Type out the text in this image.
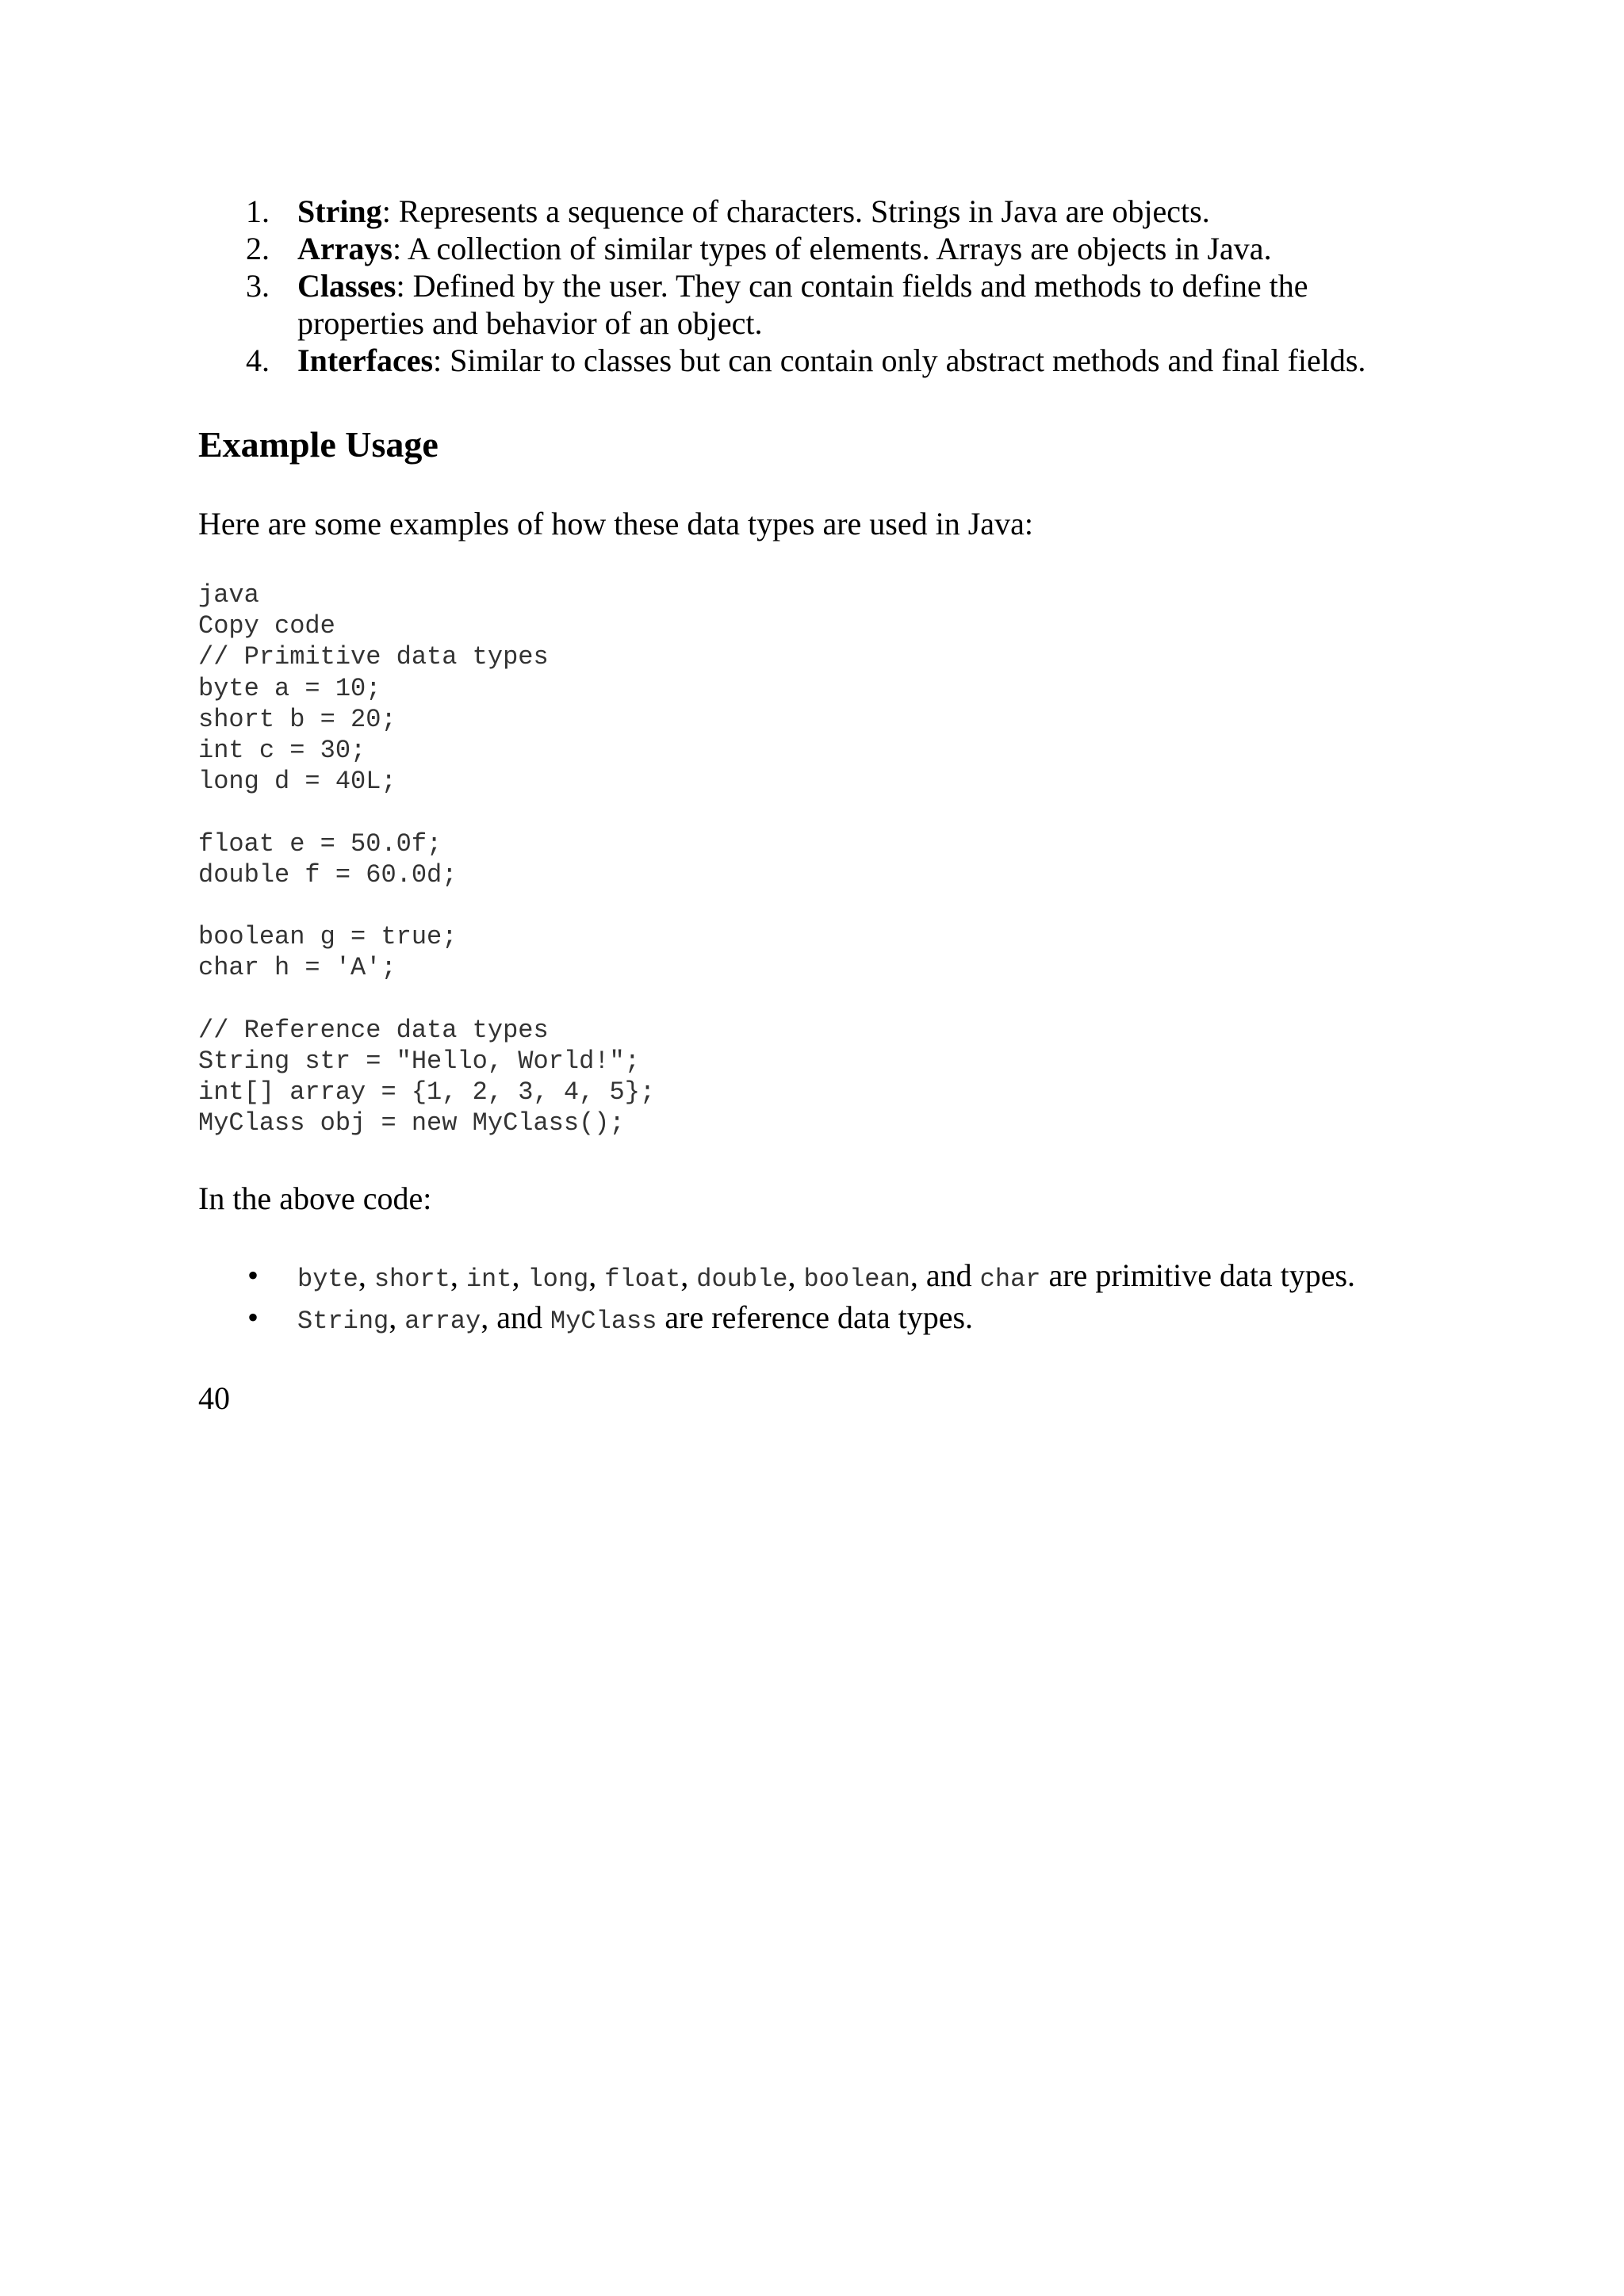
1. String: Represents a sequence of characters. Strings in Java are objects.
2. Arrays: A collection of similar types of elements. Arrays are objects in Java.
3. Classes: Defined by the user. They can contain fields and methods to define the properties and behavior of an object.
4. Interfaces: Similar to classes but can contain only abstract methods and final fields.
Example Usage

Here are some examples of how these data types are used in Java:

java
Copy code
// Primitive data types
byte a = 10;
short b = 20;
int c = 30;
long d = 40L;

float e = 50.0f;
double f = 60.0d;

boolean g = true;
char h = 'A';

// Reference data types
String str = "Hello, World!";
int[] array = {1, 2, 3, 4, 5};
MyClass obj = new MyClass();

In the above code:

• byte, short, int, long, float, double, boolean, and char are primitive data types.
• String, array, and MyClass are reference data types.

40
